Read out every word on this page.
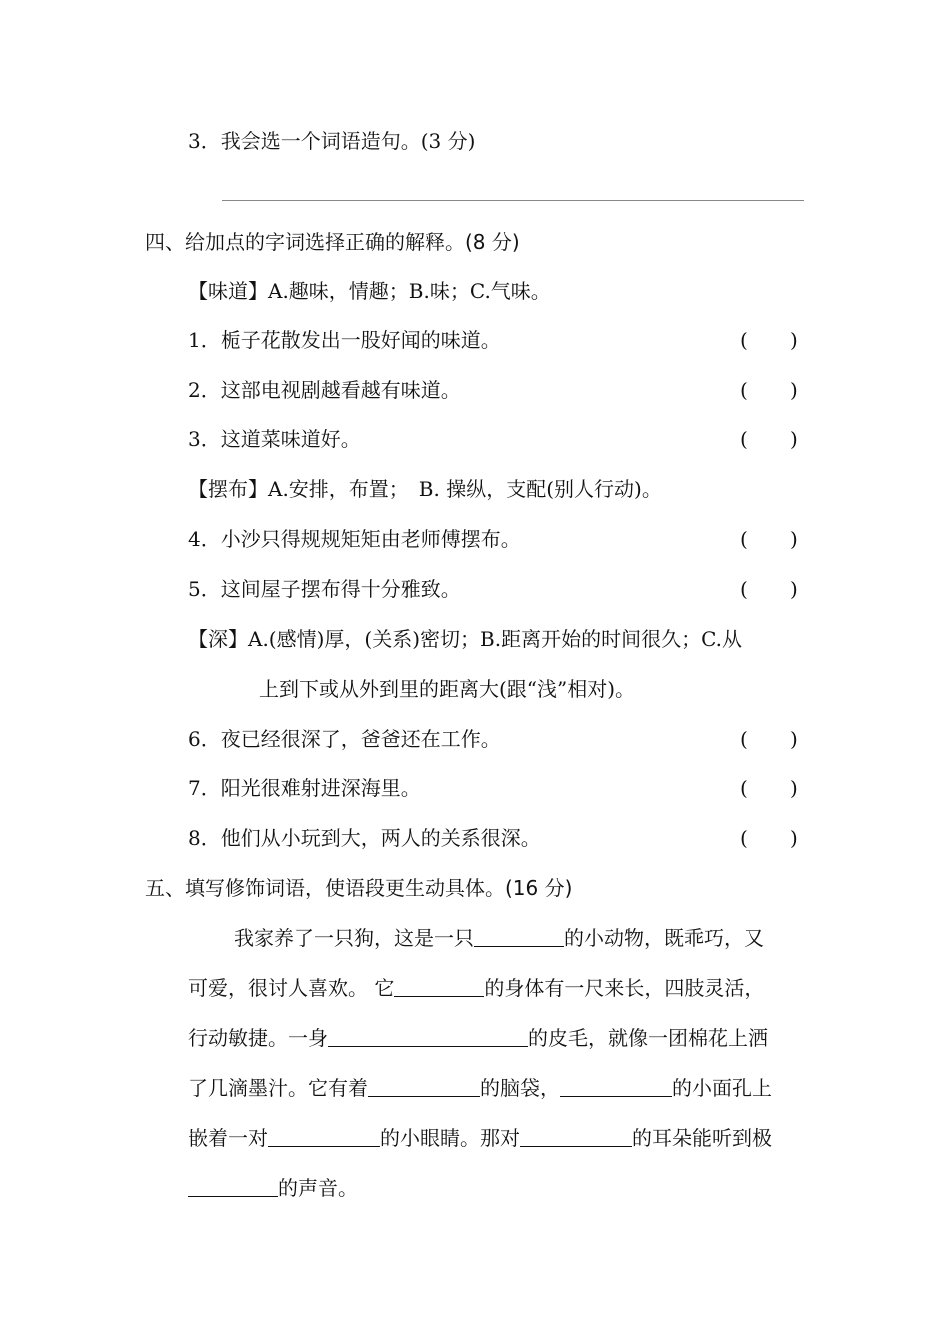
3．我会选一个词语造句。(3 分)
四、给加点的字词选择正确的解释。(8 分)
【味道】A.趣味，情趣；B.味；C.气味。
1．栀子花散发出一股好闻的味道。	( )
2．这部电视剧越看越有味道。	( )
3．这道菜味道好。	( )
【摆布】A.安排，布置；　B. 操纵，支配(别人行动)。
4．小沙只得规规矩矩由老师傅摆布。	( )
5．这间屋子摆布得十分雅致。	( )
【深】A.(感情)厚，(关系)密切；B.距离开始的时间很久；C.从
上到下或从外到里的距离大(跟“浅”相对)。
6．夜已经很深了，爸爸还在工作。	( )
7．阳光很难射进深海里。	( )
8．他们从小玩到大，两人的关系很深。	( )
五、填写修饰词语，使语段更生动具体。(16 分)
我家养了一只狗，这是一只	的小动物，既乖巧，又
可爱，很讨人喜欢。 它	的身体有一尺来长，四肢灵活，
行动敏捷。一身	的皮毛，就像一团棉花上洒
了几滴墨汁。它有着	的脑袋，	的小面孔上
嵌着一对	的小眼睛。那对	的耳朵能听到极
的声音。
